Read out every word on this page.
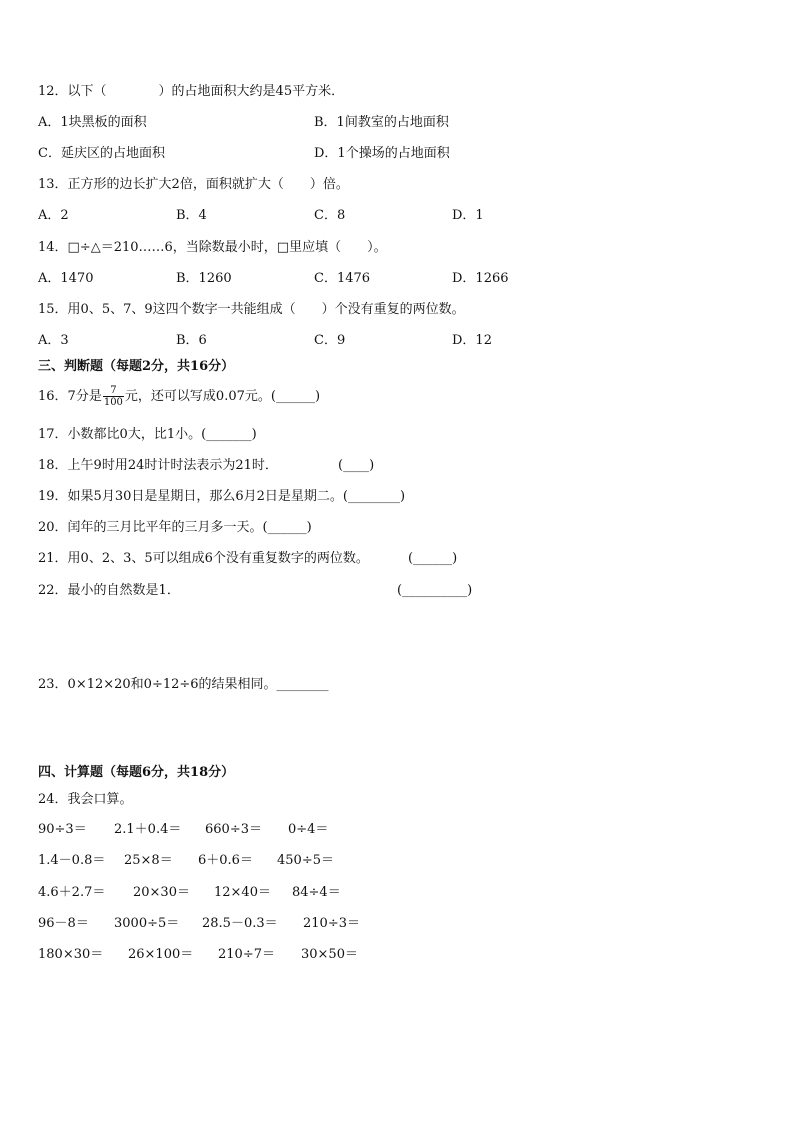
12．以下（　　　　）的占地面积大约是45平方米．
A．1块黑板的面积	B．1间教室的占地面积
C．延庆区的占地面积	D．1个操场的占地面积
13．正方形的边长扩大2倍，面积就扩大（　　）倍。
A．2	B．4	C．8	D．1
14．□÷△＝210……6，当除数最小时，□里应填（　　）。
A．1470	B．1260	C．1476	D．1266
15．用0、5、7、9这四个数字一共能组成（　　）个没有重复的两位数。
A．3	B．6	C．9	D．12
三、判断题（每题2分，共16分）
16．7分是 $\frac{7}{100}$ 元，还可以写成0.07元。(______)
17．小数都比0大，比1小。(_______)
18．上午9时用24时计时法表示为21时．	(____)
19．如果5月30日是星期日，那么6月2日是星期二。(________)
20．闰年的三月比平年的三月多一天。(______)
21．用0、2、3、5可以组成6个没有重复数字的两位数。	(______)
22．最小的自然数是1．	(__________)
23．0×12×20和0÷12÷6的结果相同。________
四、计算题（每题6分，共18分）
24．我会口算。
90÷3＝ 2.1＋0.4＝ 660÷3＝ 0÷4＝
1.4－0.8＝ 25×8＝ 6＋0.6＝ 450÷5＝
4.6＋2.7＝ 20×30＝ 12×40＝ 84÷4＝
96－8＝ 3000÷5＝ 28.5－0.3＝ 210÷3＝
180×30＝ 26×100＝ 210÷7＝ 30×50＝
